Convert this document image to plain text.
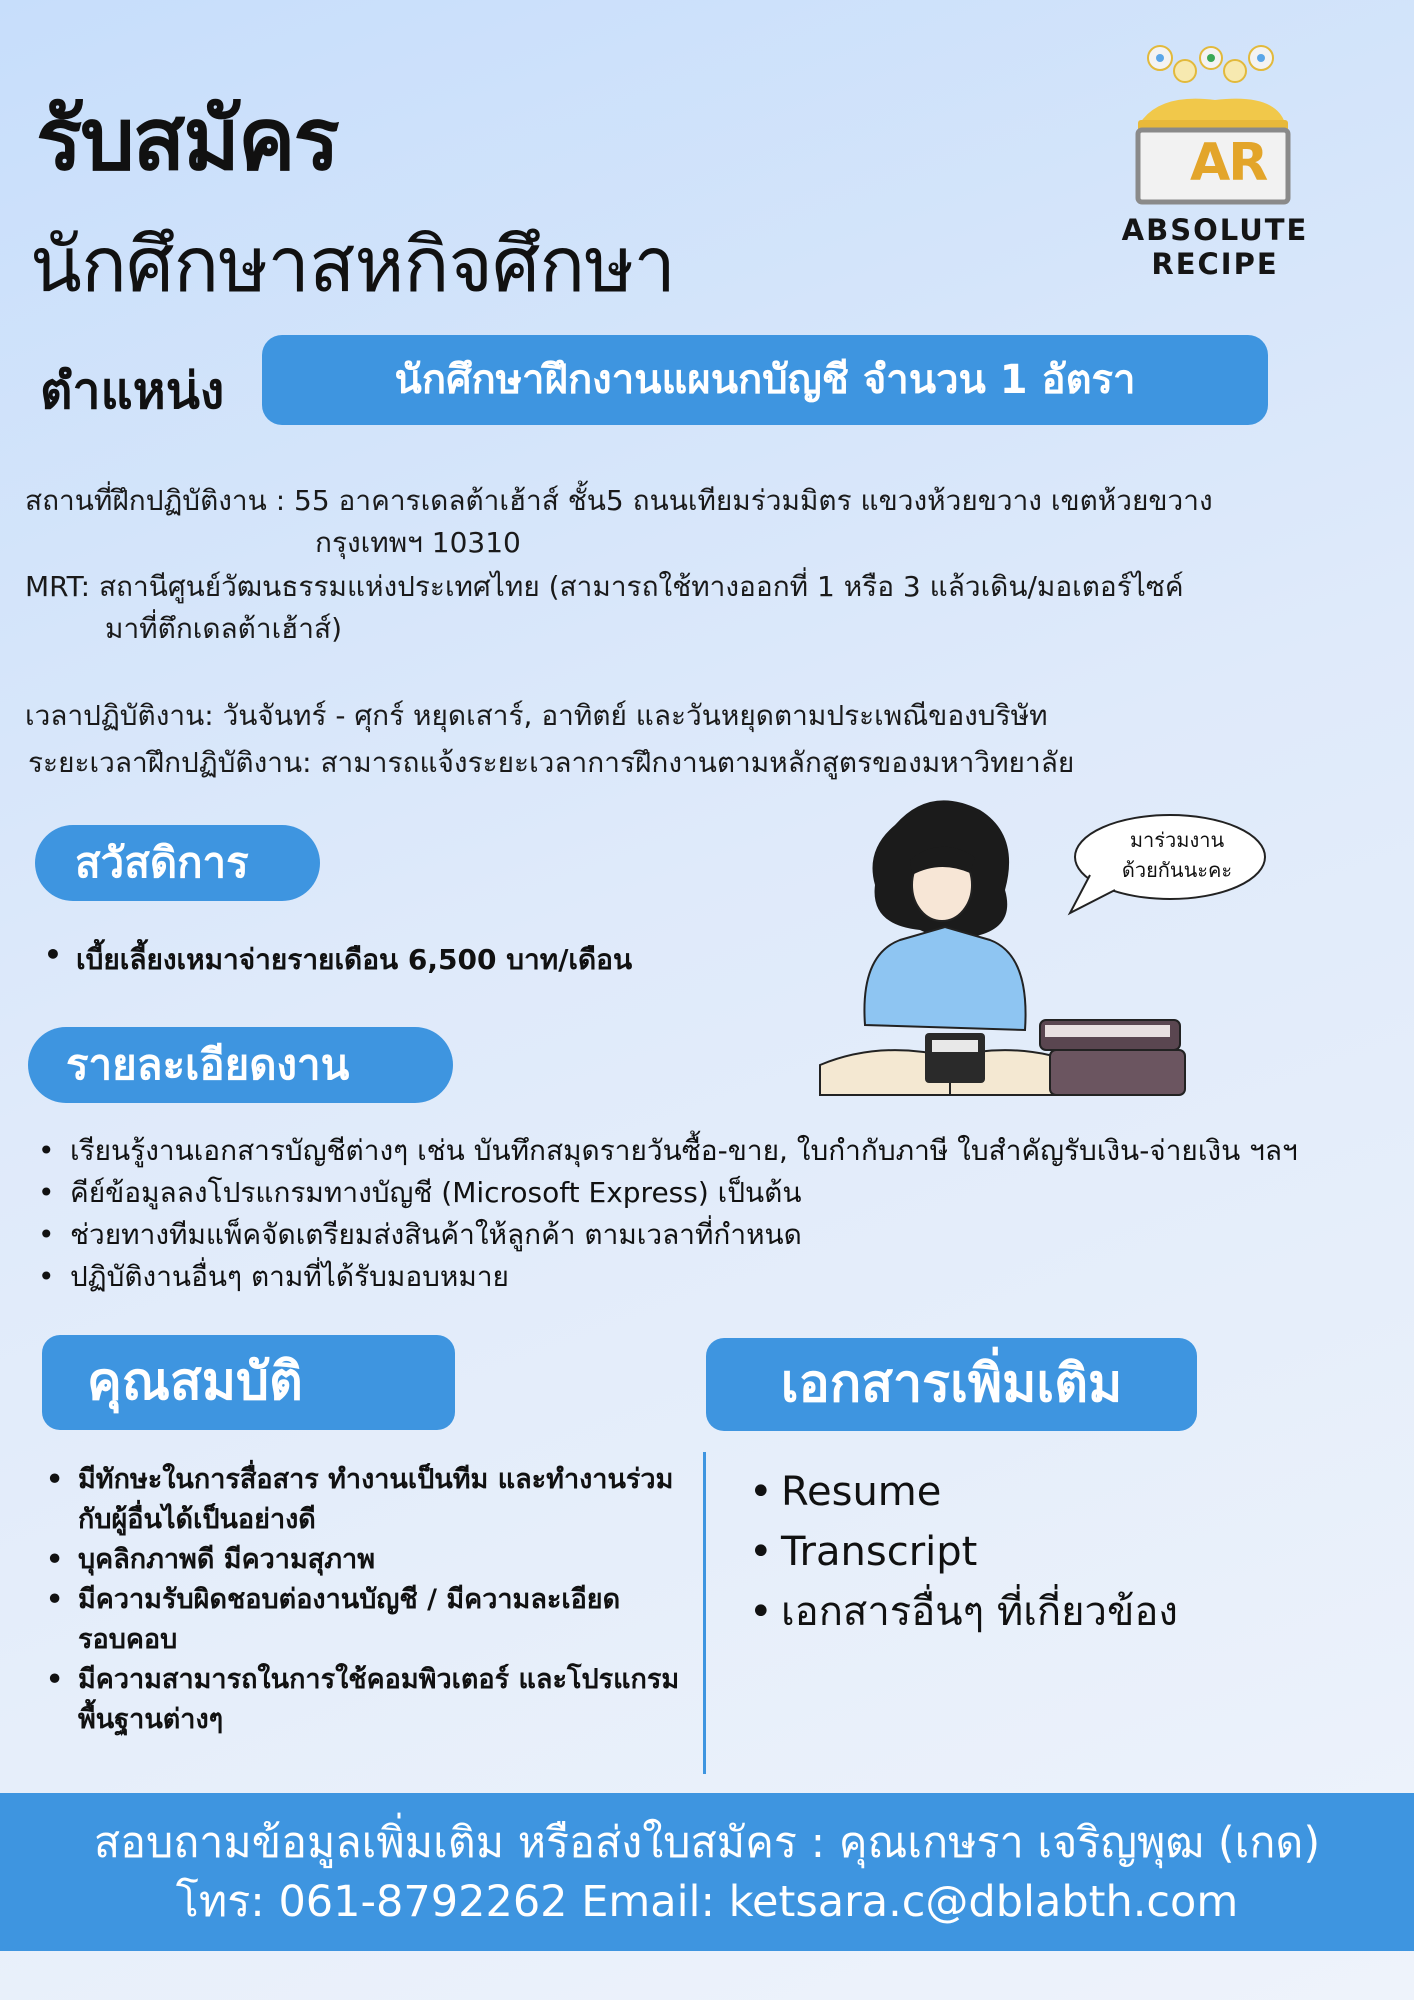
รับสมัคร
นักศึกษาสหกิจศึกษา
AR
ABSOLUTE RECIPE
ตำแหน่ง	นักศึกษาฝึกงานแผนกบัญชี จำนวน 1 อัตรา
สถานที่ฝึกปฏิบัติงาน : 55 อาคารเดลต้าเฮ้าส์ ชั้น5 ถนนเทียมร่วมมิตร แขวงห้วยขวาง เขตห้วยขวาง
กรุงเทพฯ 10310
MRT: สถานีศูนย์วัฒนธรรมแห่งประเทศไทย (สามารถใช้ทางออกที่ 1 หรือ 3 แล้วเดิน/มอเตอร์ไซค์
มาที่ตึกเดลต้าเฮ้าส์)
เวลาปฏิบัติงาน: วันจันทร์ - ศุกร์ หยุดเสาร์, อาทิตย์ และวันหยุดตามประเพณีของบริษัท
ระยะเวลาฝึกปฏิบัติงาน: สามารถแจ้งระยะเวลาการฝึกงานตามหลักสูตรของมหาวิทยาลัย
สวัสดิการ
• เบี้ยเลี้ยงเหมาจ่ายรายเดือน 6,500 บาท/เดือน
มาร่วมงาน
ด้วยกันนะคะ
รายละเอียดงาน
• เรียนรู้งานเอกสารบัญชีต่างๆ เช่น บันทึกสมุดรายวันซื้อ-ขาย, ใบกำกับภาษี ใบสำคัญรับเงิน-จ่ายเงิน ฯลฯ
• คีย์ข้อมูลลงโปรแกรมทางบัญชี (Microsoft Express) เป็นต้น
• ช่วยทางทีมแพ็คจัดเตรียมส่งสินค้าให้ลูกค้า ตามเวลาที่กำหนด
• ปฏิบัติงานอื่นๆ ตามที่ได้รับมอบหมาย
คุณสมบัติ
• มีทักษะในการสื่อสาร ทำงานเป็นทีม และทำงานร่วมกับผู้อื่นได้เป็นอย่างดี
• บุคลิกภาพดี มีความสุภาพ
• มีความรับผิดชอบต่องานบัญชี / มีความละเอียดรอบคอบ
• มีความสามารถในการใช้คอมพิวเตอร์ และโปรแกรมพื้นฐานต่างๆ
เอกสารเพิ่มเติม
• Resume
• Transcript
• เอกสารอื่นๆ ที่เกี่ยวข้อง
สอบถามข้อมูลเพิ่มเติม หรือส่งใบสมัคร : คุณเกษรา เจริญพุฒ (เกด)
โทร: 061-8792262 Email: ketsara.c@dblabth.com
